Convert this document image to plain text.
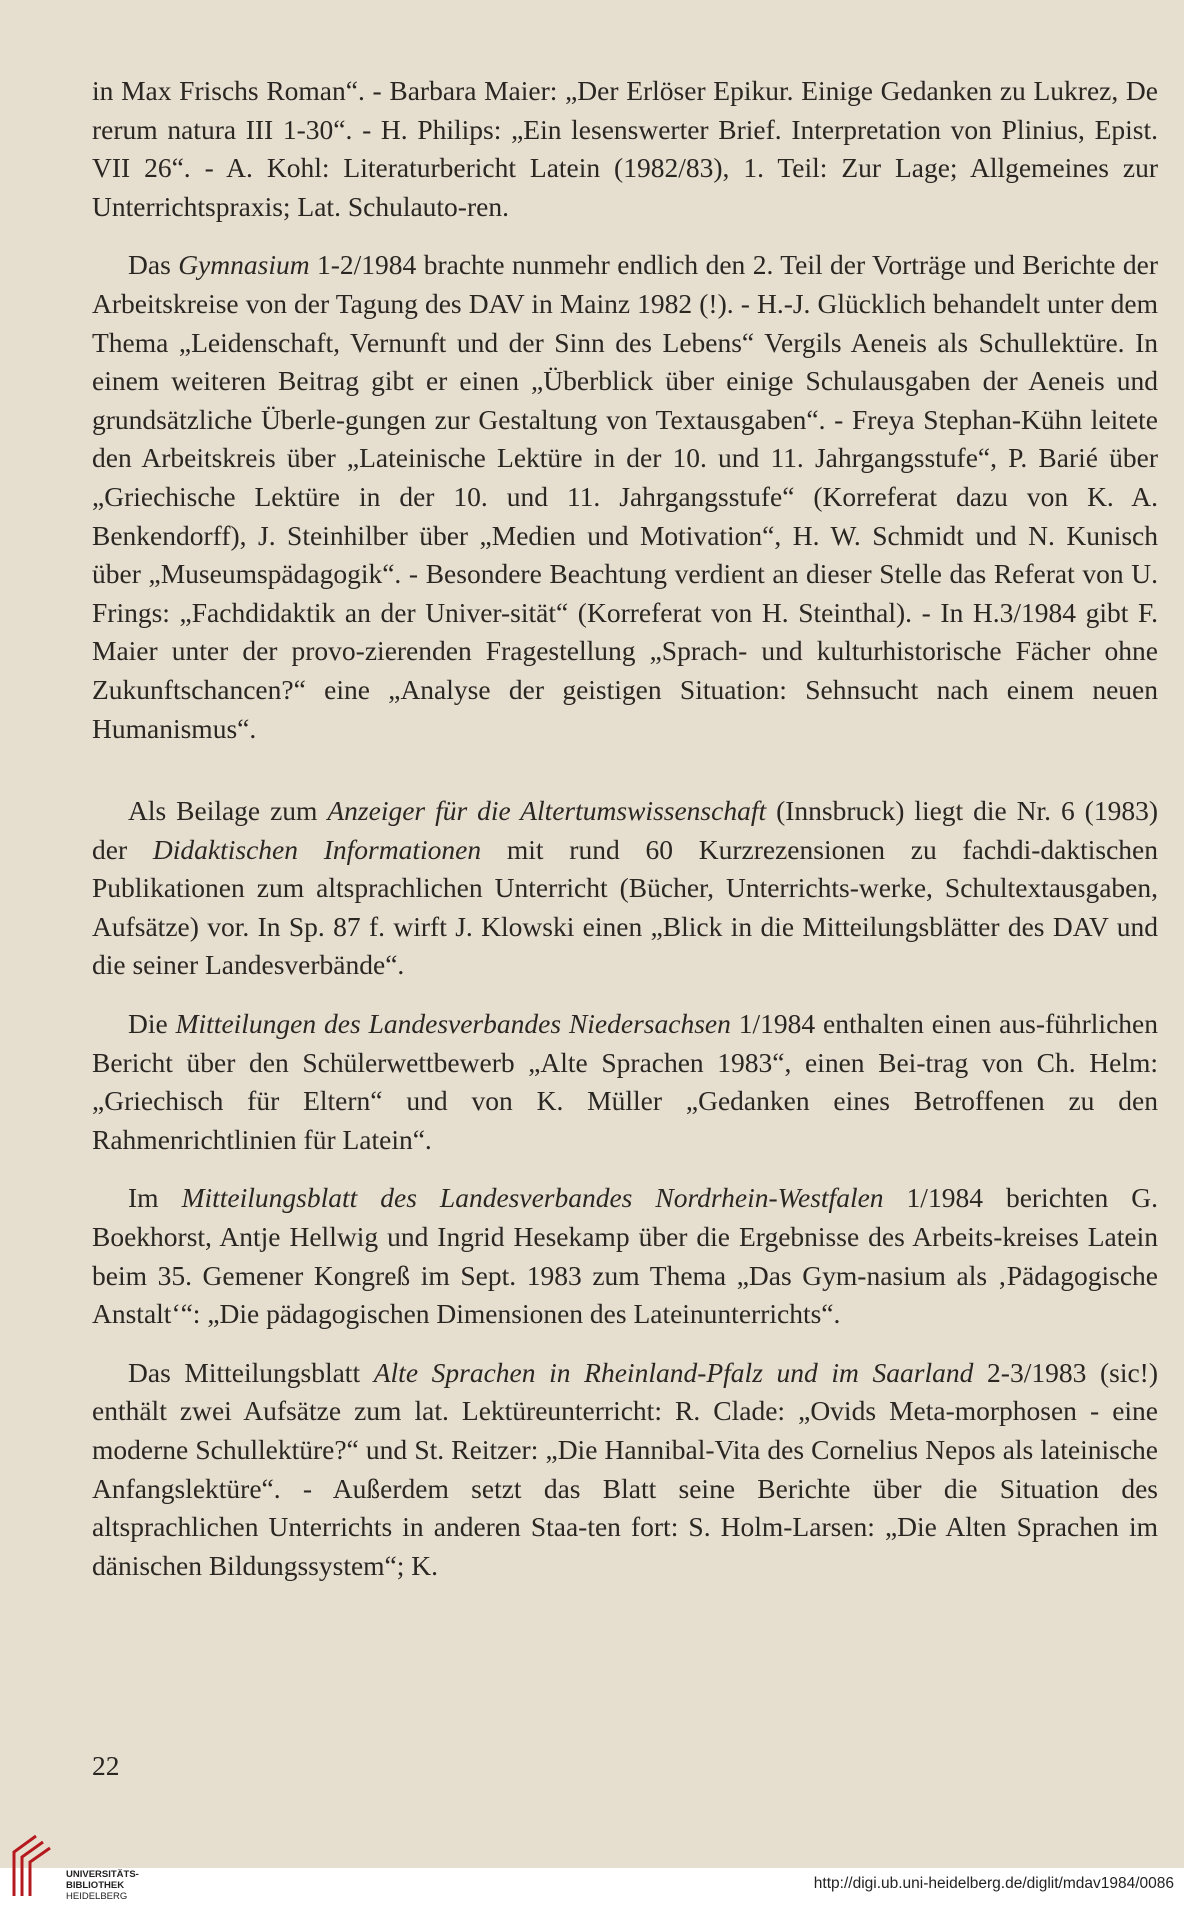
in Max Frischs Roman“. - Barbara Maier: „Der Erlöser Epikur. Einige Gedanken zu Lukrez, De rerum natura III 1-30“. - H. Philips: „Ein lesenswerter Brief. Interpretation von Plinius, Epist. VII 26“. - A. Kohl: Literaturbericht Latein (1982/83), 1. Teil: Zur Lage; Allgemeines zur Unterrichtspraxis; Lat. Schulauto-ren.

Das Gymnasium 1-2/1984 brachte nunmehr endlich den 2. Teil der Vorträge und Berichte der Arbeitskreise von der Tagung des DAV in Mainz 1982 (!). - H.-J. Glücklich behandelt unter dem Thema „Leidenschaft, Vernunft und der Sinn des Lebens“ Vergils Aeneis als Schullektüre. In einem weiteren Beitrag gibt er einen „Überblick über einige Schulausgaben der Aeneis und grundsätzliche Überle-gungen zur Gestaltung von Textausgaben“. - Freya Stephan-Kühn leitete den Arbeitskreis über „Lateinische Lektüre in der 10. und 11. Jahrgangsstufe“, P. Barié über „Griechische Lektüre in der 10. und 11. Jahrgangsstufe“ (Korreferat dazu von K. A. Benkendorff), J. Steinhilber über „Medien und Motivation“, H. W. Schmidt und N. Kunisch über „Museumspädagogik“. - Besondere Beachtung verdient an dieser Stelle das Referat von U. Frings: „Fachdidaktik an der Univer-sität“ (Korreferat von H. Steinthal). - In H.3/1984 gibt F. Maier unter der provo-zierenden Fragestellung „Sprach- und kulturhistorische Fächer ohne Zukunftschancen?“ eine „Analyse der geistigen Situation: Sehnsucht nach einem neuen Humanismus“.

Als Beilage zum Anzeiger für die Altertumswissenschaft (Innsbruck) liegt die Nr. 6 (1983) der Didaktischen Informationen mit rund 60 Kurzrezensionen zu fachdi-daktischen Publikationen zum altsprachlichen Unterricht (Bücher, Unterrichts-werke, Schultextausgaben, Aufsätze) vor. In Sp. 87 f. wirft J. Klowski einen „Blick in die Mitteilungsblätter des DAV und die seiner Landesverbände“.

Die Mitteilungen des Landesverbandes Niedersachsen 1/1984 enthalten einen aus-führlichen Bericht über den Schülerwettbewerb „Alte Sprachen 1983“, einen Bei-trag von Ch. Helm: „Griechisch für Eltern“ und von K. Müller „Gedanken eines Betroffenen zu den Rahmenrichtlinien für Latein“.

Im Mitteilungsblatt des Landesverbandes Nordrhein-Westfalen 1/1984 berichten G. Boekhorst, Antje Hellwig und Ingrid Hesekamp über die Ergebnisse des Arbeits-kreises Latein beim 35. Gemener Kongreß im Sept. 1983 zum Thema „Das Gym-nasium als ‚Pädagogische Anstalt‘“: „Die pädagogischen Dimensionen des Lateinunterrichts“.

Das Mitteilungsblatt Alte Sprachen in Rheinland-Pfalz und im Saarland 2-3/1983 (sic!) enthält zwei Aufsätze zum lat. Lektüreunterricht: R. Clade: „Ovids Meta-morphosen - eine moderne Schullektüre?“ und St. Reitzer: „Die Hannibal-Vita des Cornelius Nepos als lateinische Anfangslektüre“. - Außerdem setzt das Blatt seine Berichte über die Situation des altsprachlichen Unterrichts in anderen Staa-ten fort: S. Holm-Larsen: „Die Alten Sprachen im dänischen Bildungssystem“; K.

22
UNIVERSITÄTS-
BIBLIOTHEK
HEIDELBERG
http://digi.ub.uni-heidelberg.de/diglit/mdav1984/0086
